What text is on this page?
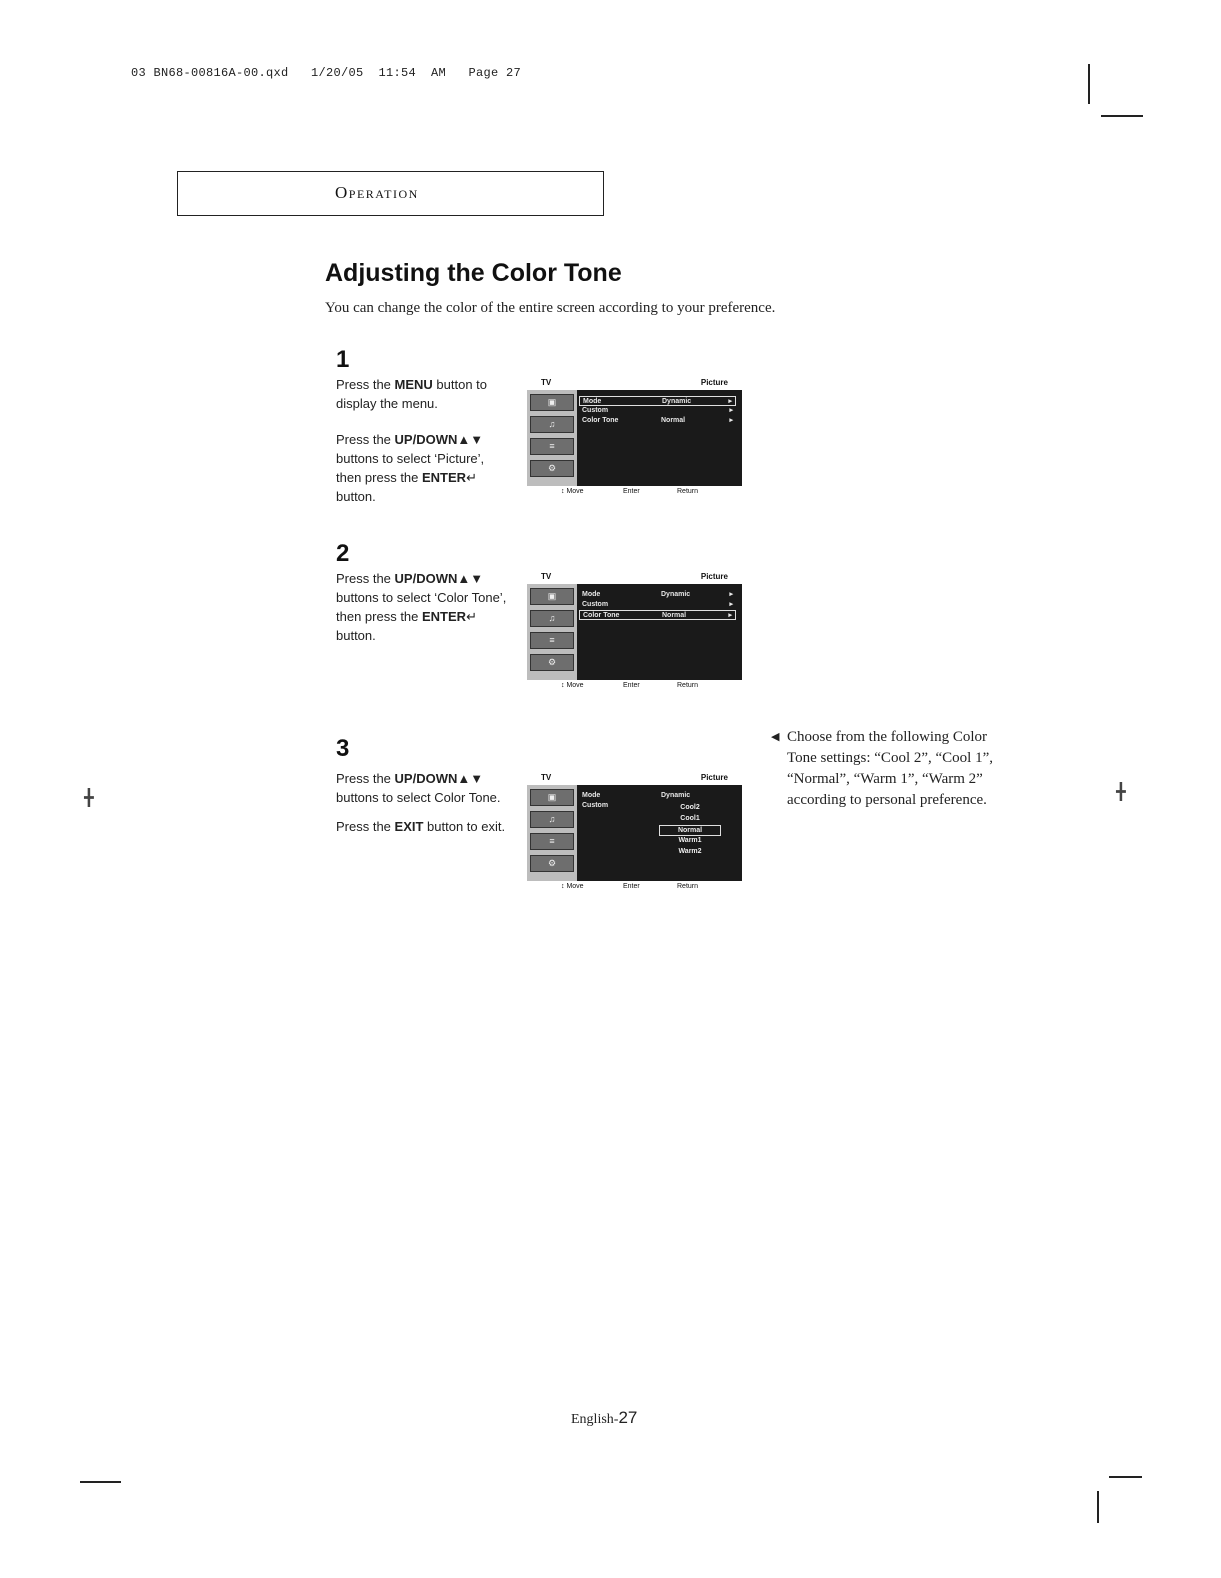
03 BN68-00816A-00.qxd   1/20/05  11:54  AM   Page 27
╋	╋
Operation
Adjusting the Color Tone
You can change the color of the entire screen according to your preference.
1

Press the MENU button to display the menu.

Press the UP/DOWN▲▼ buttons to select ‘Picture’, then press the ENTER↵ button.

TV	Picture
▣
♫
≡
⚙
Mode	Dynamic	▸
Custom	▸
Color Tone	Normal	▸
↕ Move	Enter	Return
2

Press the UP/DOWN▲▼ buttons to select ‘Color Tone’, then press the ENTER↵ button.

TV	Picture
▣
♫
≡
⚙
Mode	Dynamic	▸
Custom	▸
Color Tone	Normal	▸
↕ Move	Enter	Return
3

Press the UP/DOWN▲▼ buttons to select Color Tone.

Press the EXIT button to exit.

TV	Picture
▣
♫
≡
⚙
Mode	Dynamic
Custom	Cool2
Cool1
Normal
Warm1
Warm2
↕ Move	Enter	Return
◀ Choose from the following Color Tone settings: “Cool 2”, “Cool 1”, “Normal”, “Warm 1”, “Warm 2” according to personal preference.
English-27
